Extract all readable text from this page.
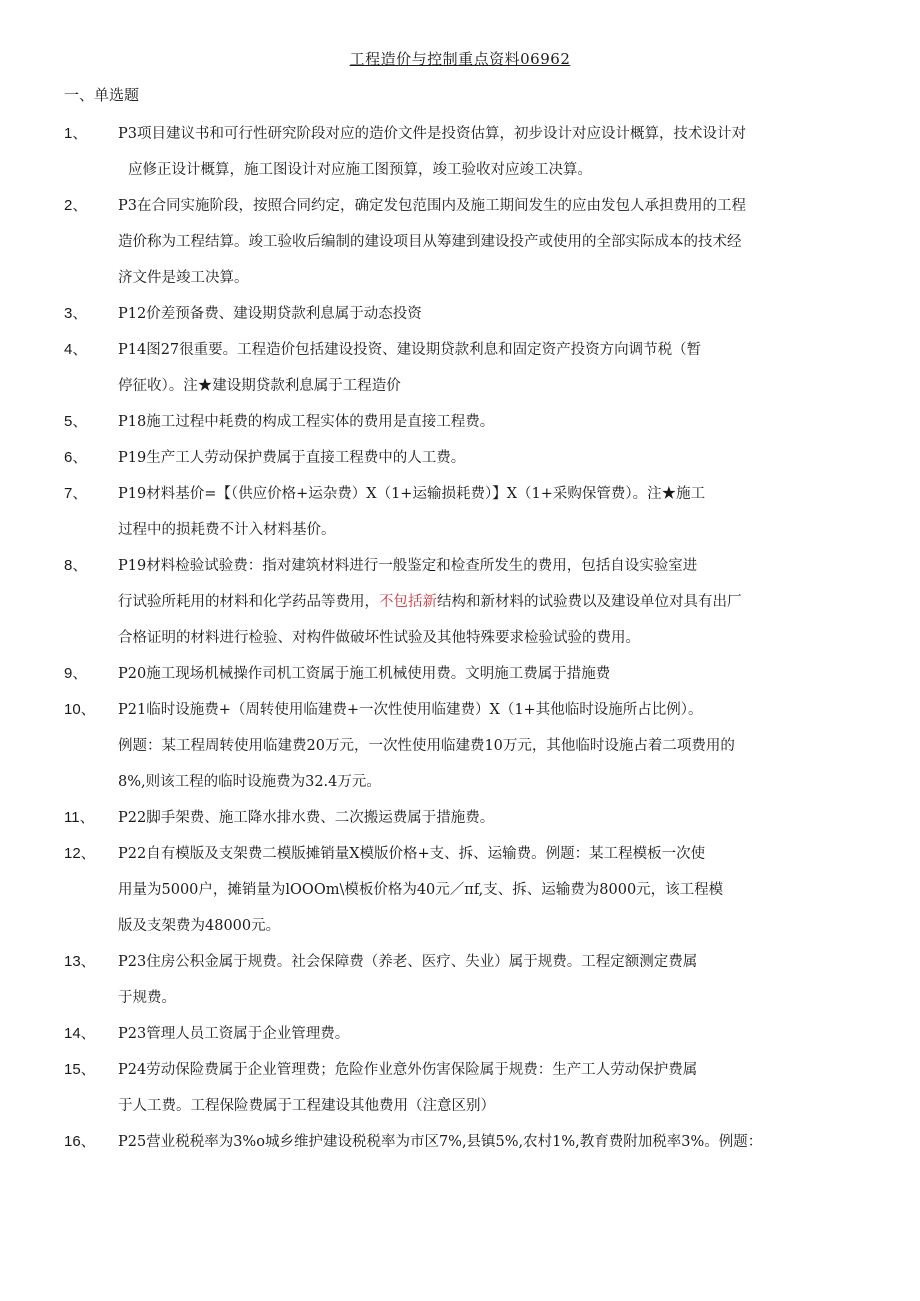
工程造价与控制重点资料06962
一、单选题
1、	P3项目建议书和可行性研究阶段对应的造价文件是投资估算，初步设计对应设计概算，技术设计对
应修正设计概算，施工图设计对应施工图预算，竣工验收对应竣工决算。
2、	P3在合同实施阶段，按照合同约定，确定发包范围内及施工期间发生的应由发包人承担费用的工程
造价称为工程结算。竣工验收后编制的建设项目从筹建到建设投产或使用的全部实际成本的技术经
济文件是竣工决算。
3、	P12价差预备费、建设期贷款利息属于动态投资
4、	P14图27很重要。工程造价包括建设投资、建设期贷款利息和固定资产投资方向调节税（暂
停征收）。注★建设期贷款利息属于工程造价
5、	P18施工过程中耗费的构成工程实体的费用是直接工程费。
6、	P19生产工人劳动保护费属于直接工程费中的人工费。
7、	P19材料基价=【（供应价格+运杂费）X（1+运输损耗费）】X（1+采购保管费）。注★施工
过程中的损耗费不计入材料基价。
8、	P19材料检验试验费：指对建筑材料进行一般鉴定和检查所发生的费用，包括自设实验室进
行试验所耗用的材料和化学药品等费用，不包括新结构和新材料的试验费以及建设单位对具有出厂
合格证明的材料进行检验、对构件做破坏性试验及其他特殊要求检验试验的费用。
9、	P20施工现场机械操作司机工资属于施工机械使用费。文明施工费属于措施费
10、	P21临时设施费+（周转使用临建费+一次性使用临建费）X（1+其他临时设施所占比例）。
例题：某工程周转使用临建费20万元，一次性使用临建费10万元，其他临时设施占着二项费用的
8%,则该工程的临时设施费为32.4万元。
11、	P22脚手架费、施工降水排水费、二次搬运费属于措施费。
12、	P22自有模版及支架费二模版摊销量X模版价格+支、拆、运输费。例题：某工程模板一次使
用量为5000户，摊销量为lOOOm\模板价格为40元／πf,支、拆、运输费为8000元，该工程模
版及支架费为48000元。
13、	P23住房公积金属于规费。社会保障费（养老、医疗、失业）属于规费。工程定额测定费属
于规费。
14、	P23管理人员工资属于企业管理费。
15、	P24劳动保险费属于企业管理费；危险作业意外伤害保险属于规费：生产工人劳动保护费属
于人工费。工程保险费属于工程建设其他费用（注意区别）
16、	P25营业税税率为3%o城乡维护建设税税率为市区7%,县镇5%,农村1%,教育费附加税率3%。例题：
